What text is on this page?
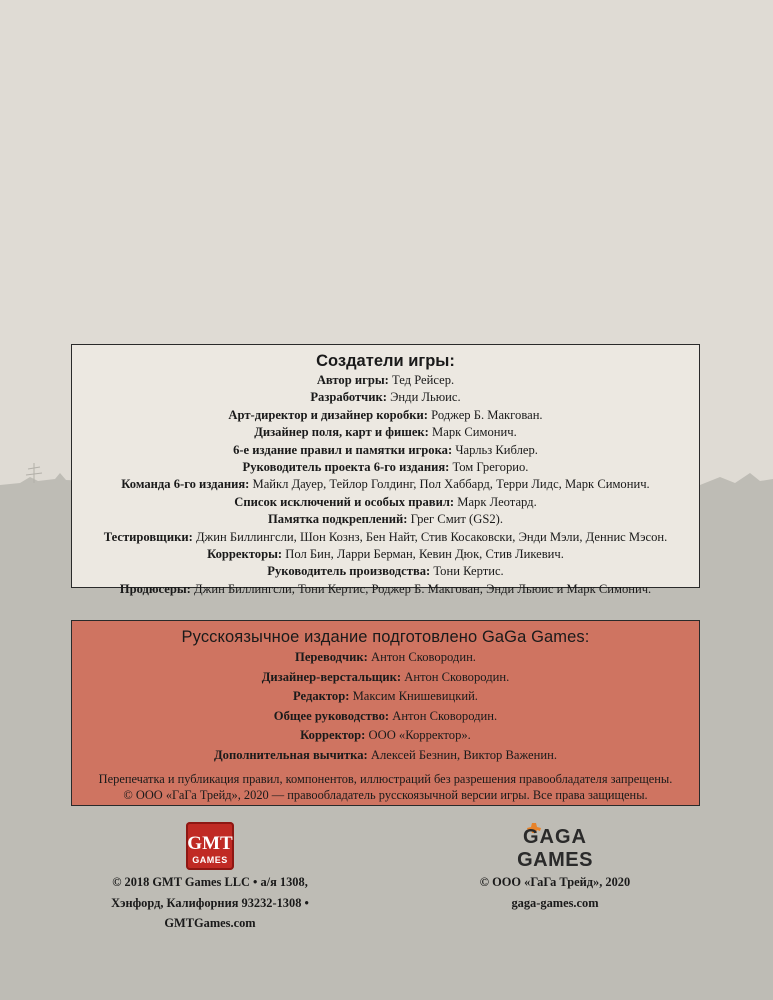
Создатели игры:
Автор игры: Тед Рейсер.
Разработчик: Энди Льюис.
Арт-директор и дизайнер коробки: Роджер Б. Макгован.
Дизайнер поля, карт и фишек: Марк Симонич.
6-е издание правил и памятки игрока: Чарльз Киблер.
Руководитель проекта 6-го издания: Том Грегорио.
Команда 6-го издания: Майкл Дауер, Тейлор Голдинг, Пол Хаббард, Терри Лидс, Марк Симонич.
Список исключений и особых правил: Марк Леотард.
Памятка подкреплений: Грег Смит (GS2).
Тестировщики: Джин Биллингсли, Шон Кознз, Бен Найт, Стив Косаковски, Энди Мэли, Деннис Мэсон.
Корректоры: Пол Бин, Ларри Берман, Кевин Дюк, Стив Ликевич.
Руководитель производства: Тони Кертис.
Продюсеры: Джин Биллингсли, Тони Кертис, Роджер Б. Макгован, Энди Льюис и Марк Симонич.
Русскоязычное издание подготовлено GaGa Games:
Переводчик: Антон Сковородин.
Дизайнер-верстальщик: Антон Сковородин.
Редактор: Максим Книшевицкий.
Общее руководство: Антон Сковородин.
Корректор: ООО «Корректор».
Дополнительная вычитка: Алексей Безнин, Виктор Важенин.
Перепечатка и публикация правил, компонентов, иллюстраций без разрешения правообладателя запрещены.
© ООО «ГаГа Трейд», 2020 — правообладатель русскоязычной версии игры. Все права защищены.
GMT
GAMES
© 2018 GMT Games LLC • а/я 1308,
Хэнфорд, Калифорния 93232-1308 •
GMTGames.com
GAGA
GAMES
© ООО «ГаГа Трейд», 2020
gaga-games.com
